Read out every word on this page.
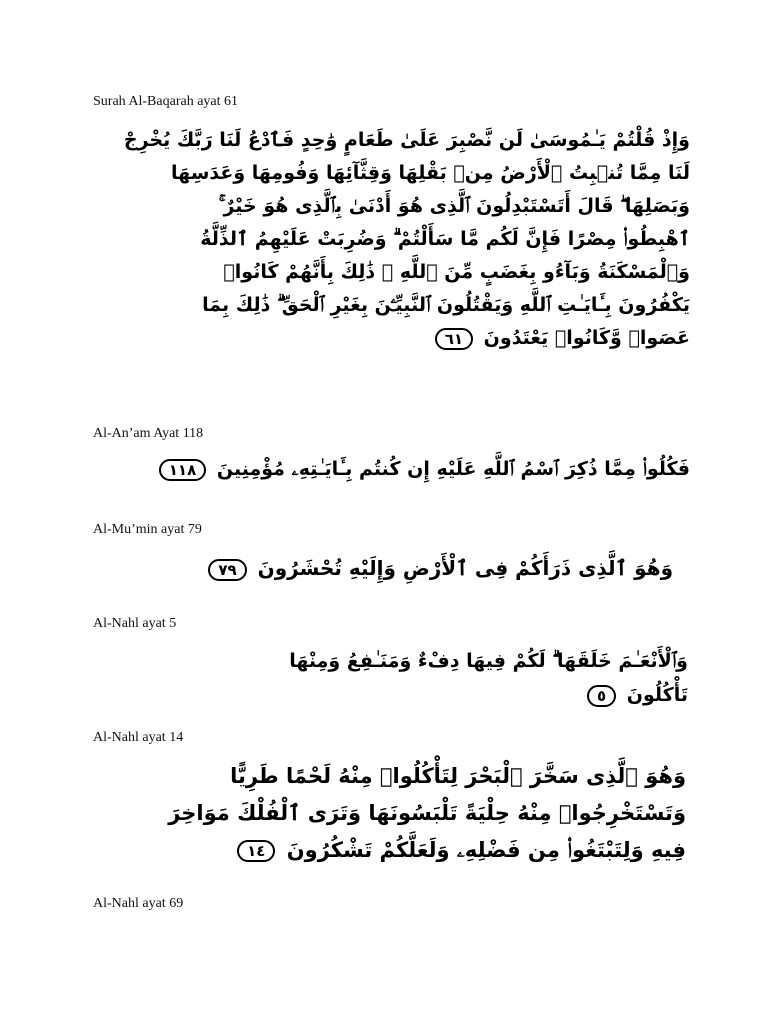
Surah Al-Baqarah ayat 61
وَإِذْ قُلْتُمْ يَـٰمُوسَىٰ لَن نَّصْبِرَ عَلَىٰ طَعَامٍ وَٰحِدٍ فَٱدْعُ لَنَا رَبَّكَ يُخْرِجْ
لَنَا مِمَّا تُنۢبِتُ ٱلْأَرْضُ مِنۢ بَقْلِهَا وَقِثَّآئِهَا وَفُومِهَا وَعَدَسِهَا
وَبَصَلِهَا ۖ قَالَ أَتَسْتَبْدِلُونَ ٱلَّذِى هُوَ أَدْنَىٰ بِٱلَّذِى هُوَ خَيْرٌ ۚ
ٱهْبِطُوا۟ مِصْرًا فَإِنَّ لَكُم مَّا سَأَلْتُمْ ۗ وَضُرِبَتْ عَلَيْهِمُ ٱلذِّلَّةُ
وَٱلْمَسْكَنَةُ وَبَآءُو بِغَضَبٍ مِّنَ ٱللَّهِ ۗ ذَٰلِكَ بِأَنَّهُمْ كَانُوا۟
يَكْفُرُونَ بِـَٔايَـٰتِ ٱللَّهِ وَيَقْتُلُونَ ٱلنَّبِيِّـۧنَ بِغَيْرِ ٱلْحَقِّ ۗ ذَٰلِكَ بِمَا
عَصَوا۟ وَّكَانُوا۟ يَعْتَدُونَ ٦١
Al-An’am Ayat 118
فَكُلُوا۟ مِمَّا ذُكِرَ ٱسْمُ ٱللَّهِ عَلَيْهِ إِن كُنتُم بِـَٔايَـٰتِهِۦ مُؤْمِنِينَ ١١٨
Al-Mu’min ayat 79
وَهُوَ ٱلَّذِى ذَرَأَكُمْ فِى ٱلْأَرْضِ وَإِلَيْهِ تُحْشَرُونَ ٧٩
Al-Nahl ayat 5
وَٱلْأَنْعَـٰمَ خَلَقَهَا ۗ لَكُمْ فِيهَا دِفْءٌ وَمَنَـٰفِعُ وَمِنْهَا
تَأْكُلُونَ ٥
Al-Nahl ayat 14
وَهُوَ ٱلَّذِى سَخَّرَ ٱلْبَحْرَ لِتَأْكُلُوا۟ مِنْهُ لَحْمًا طَرِيًّا
وَتَسْتَخْرِجُوا۟ مِنْهُ حِلْيَةً تَلْبَسُونَهَا وَتَرَى ٱلْفُلْكَ مَوَاخِرَ
فِيهِ وَلِتَبْتَغُوا۟ مِن فَضْلِهِۦ وَلَعَلَّكُمْ تَشْكُرُونَ ١٤
Al-Nahl ayat 69
